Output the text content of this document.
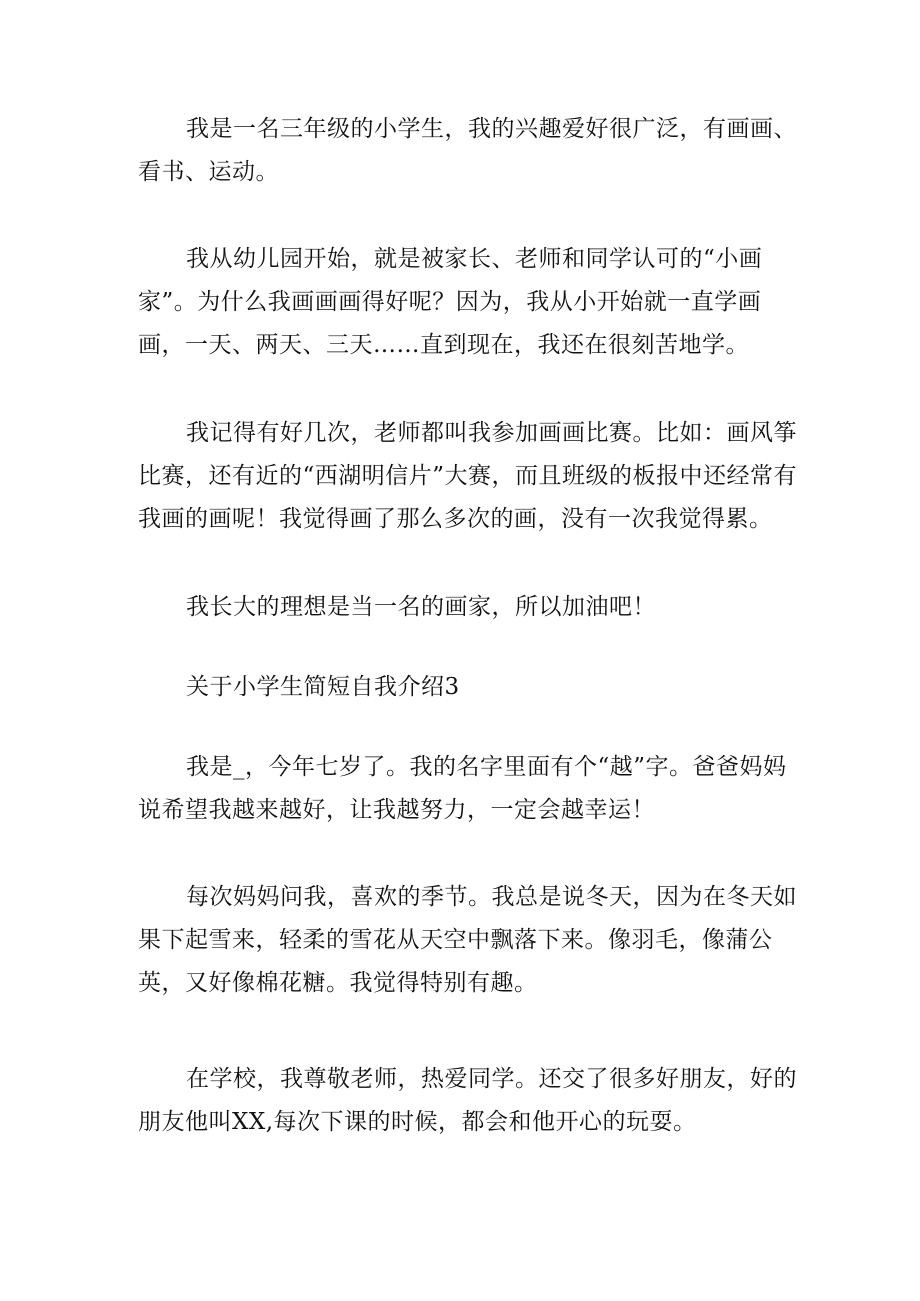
我是一名三年级的小学生，我的兴趣爱好很广泛，有画画、看书、运动。

我从幼儿园开始，就是被家长、老师和同学认可的“小画家”。为什么我画画画得好呢？因为，我从小开始就一直学画画，一天、两天、三天……直到现在，我还在很刻苦地学。

我记得有好几次，老师都叫我参加画画比赛。比如：画风筝比赛，还有近的“西湖明信片”大赛，而且班级的板报中还经常有我画的画呢！我觉得画了那么多次的画，没有一次我觉得累。

我长大的理想是当一名的画家，所以加油吧！

关于小学生简短自我介绍3

我是_，今年七岁了。我的名字里面有个“越”字。爸爸妈妈说希望我越来越好，让我越努力，一定会越幸运！

每次妈妈问我，喜欢的季节。我总是说冬天，因为在冬天如果下起雪来，轻柔的雪花从天空中飘落下来。像羽毛，像蒲公英，又好像棉花糖。我觉得特别有趣。

在学校，我尊敬老师，热爱同学。还交了很多好朋友，好的朋友他叫XX,每次下课的时候，都会和他开心的玩耍。
